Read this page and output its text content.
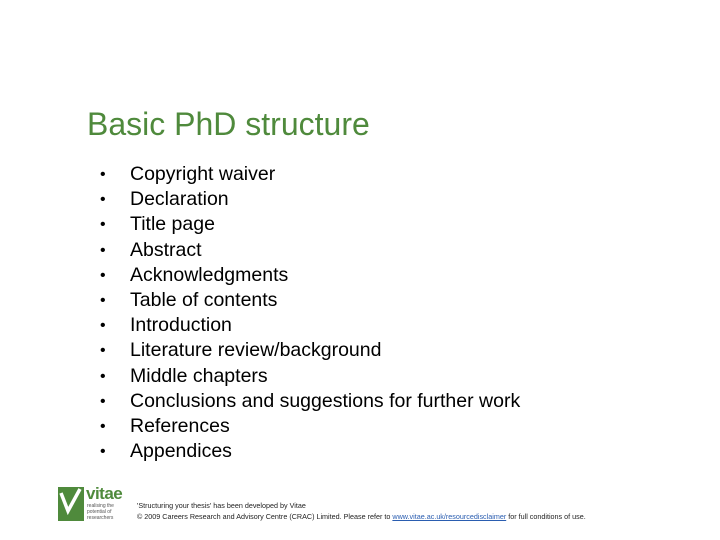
Basic PhD structure
•	Copyright waiver
•	Declaration
•	Title page
•	Abstract
•	Acknowledgments
•	Table of contents
•	Introduction
•	Literature review/background
•	Middle chapters
•	Conclusions and suggestions for further work
•	References
•	Appendices
vitae
realising the potential of researchers
'Structuring your thesis' has been developed by Vitae
© 2009 Careers Research and Advisory Centre (CRAC) Limited. Please refer to www.vitae.ac.uk/resourcedisclaimer for full conditions of use.
